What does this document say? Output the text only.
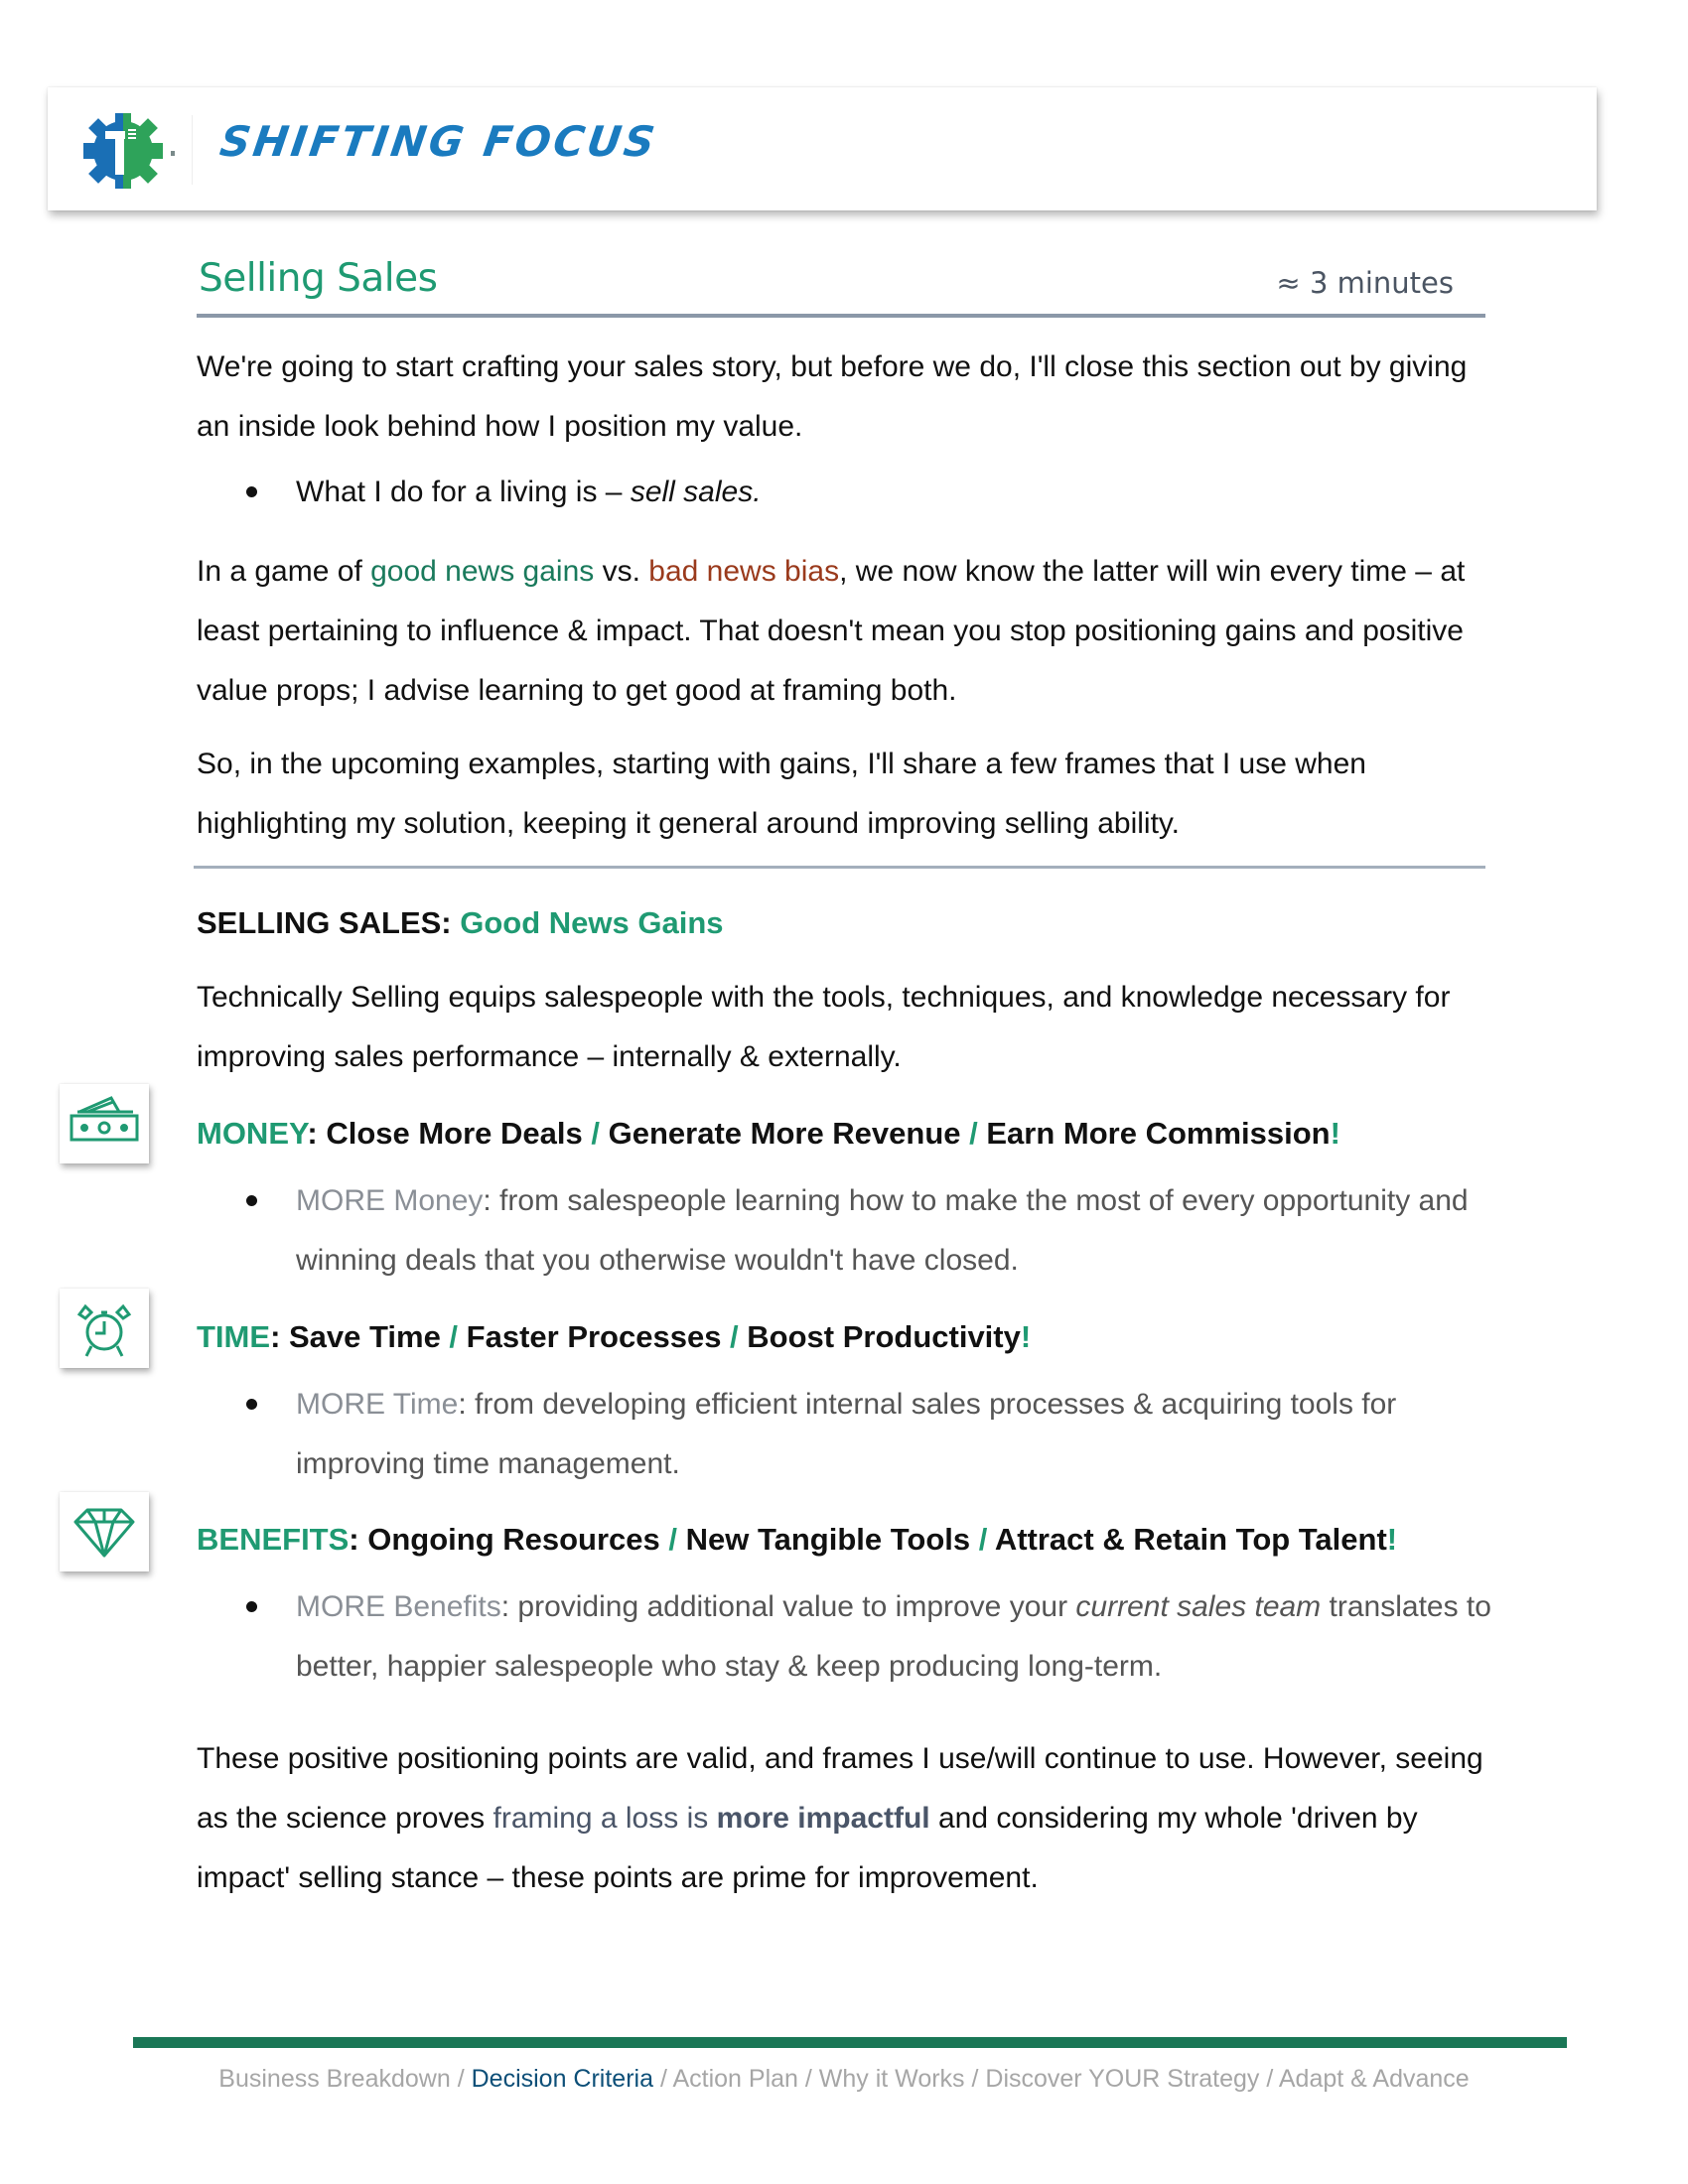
SHIFTING FOCUS
Selling Sales	≈ 3 minutes

We're going to start crafting your sales story, but before we do, I'll close this section out by giving an inside look behind how I position my value.

What I do for a living is – sell sales.

In a game of good news gains vs. bad news bias, we now know the latter will win every time – at least pertaining to influence & impact. That doesn't mean you stop positioning gains and positive value props; I advise learning to get good at framing both.

So, in the upcoming examples, starting with gains, I'll share a few frames that I use when highlighting my solution, keeping it general around improving selling ability.

SELLING SALES: Good News Gains

Technically Selling equips salespeople with the tools, techniques, and knowledge necessary for improving sales performance – internally & externally.

MONEY: Close More Deals / Generate More Revenue / Earn More Commission!
MORE Money: from salespeople learning how to make the most of every opportunity and winning deals that you otherwise wouldn't have closed.
TIME: Save Time / Faster Processes / Boost Productivity!
MORE Time: from developing efficient internal sales processes & acquiring tools for improving time management.
BENEFITS: Ongoing Resources / New Tangible Tools / Attract & Retain Top Talent!
MORE Benefits: providing additional value to improve your current sales team translates to better, happier salespeople who stay & keep producing long-term.

These positive positioning points are valid, and frames I use/will continue to use. However, seeing as the science proves framing a loss is more impactful and considering my whole 'driven by impact' selling stance – these points are prime for improvement.

Business Breakdown / Decision Criteria / Action Plan / Why it Works / Discover YOUR Strategy / Adapt & Advance
